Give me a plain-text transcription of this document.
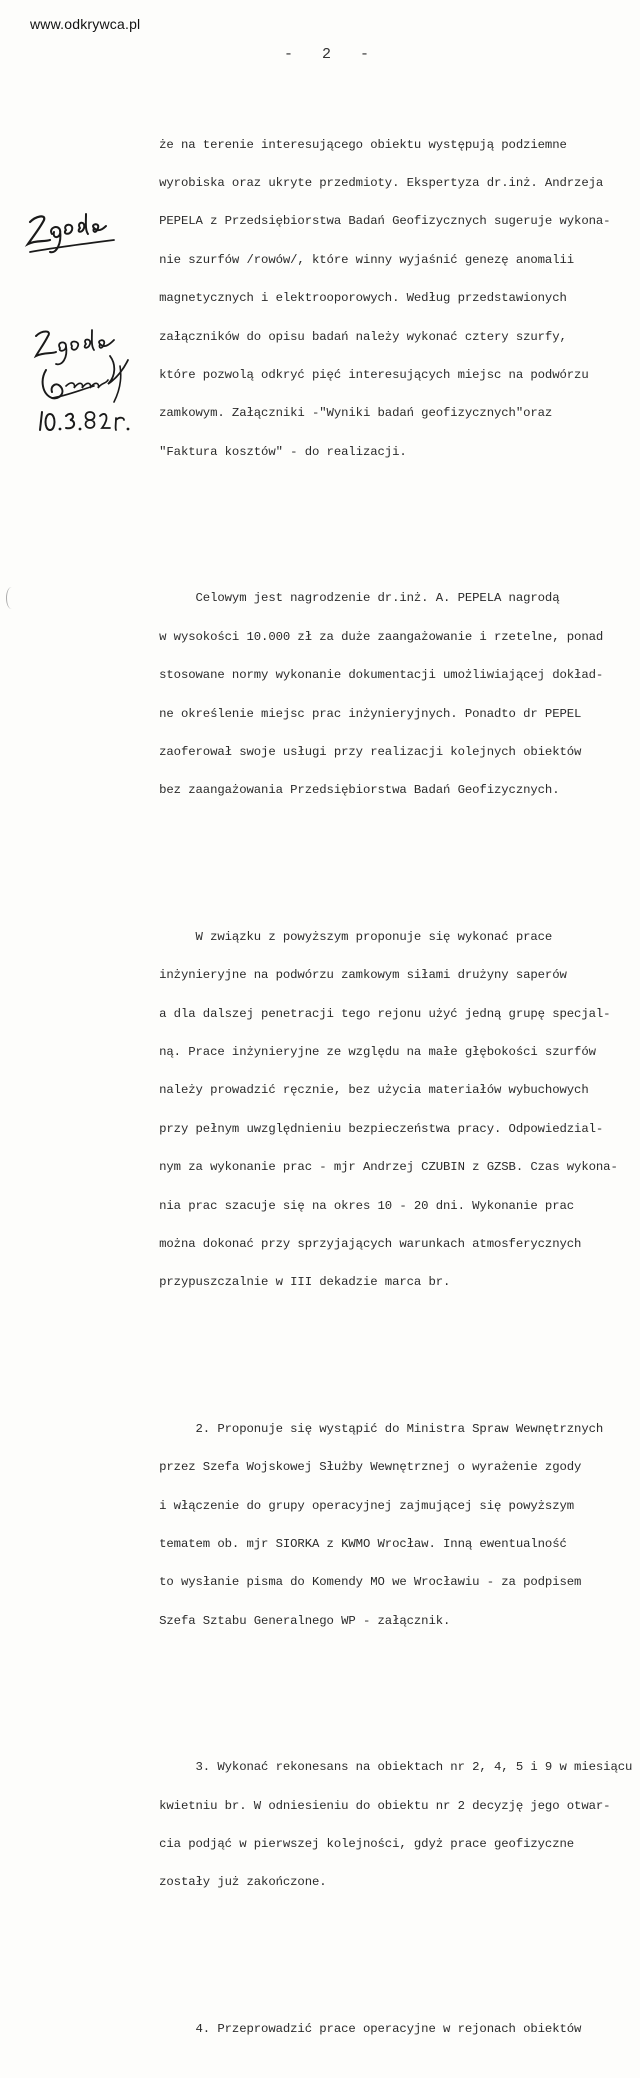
www.odkrywca.pl
- 2 -

że na terenie interesującego obiektu występują podziemne

wyrobiska oraz ukryte przedmioty. Ekspertyza dr.inż. Andrzeja

PEPELA z Przedsiębiorstwa Badań Geofizycznych sugeruje wykona-

nie szurfów /rowów/, które winny wyjaśnić genezę anomalii

magnetycznych i elektrooporowych. Według przedstawionych

załączników do opisu badań należy wykonać cztery szurfy,

które pozwolą odkryć pięć interesujących miejsc na podwórzu

zamkowym. Załączniki -"Wyniki badań geofizycznych"oraz

"Faktura kosztów" - do realizacji.

Celowym jest nagrodzenie dr.inż. A. PEPELA nagrodą

w wysokości 10.000 zł za duże zaangażowanie i rzetelne, ponad

stosowane normy wykonanie dokumentacji umożliwiającej dokład-

ne określenie miejsc prac inżynieryjnych. Ponadto dr PEPEL

zaoferował swoje usługi przy realizacji kolejnych obiektów

bez zaangażowania Przedsiębiorstwa Badań Geofizycznych.

W związku z powyższym proponuje się wykonać prace

inżynieryjne na podwórzu zamkowym siłami drużyny saperów

a dla dalszej penetracji tego rejonu użyć jedną grupę specjal-

ną. Prace inżynieryjne ze względu na małe głębokości szurfów

należy prowadzić ręcznie, bez użycia materiałów wybuchowych

przy pełnym uwzględnieniu bezpieczeństwa pracy. Odpowiedzial-

nym za wykonanie prac - mjr Andrzej CZUBIN z GZSB. Czas wykona-

nia prac szacuje się na okres 10 - 20 dni. Wykonanie prac

można dokonać przy sprzyjających warunkach atmosferycznych

przypuszczalnie w III dekadzie marca br.

2. Proponuje się wystąpić do Ministra Spraw Wewnętrznych

przez Szefa Wojskowej Służby Wewnętrznej o wyrażenie zgody

i włączenie do grupy operacyjnej zajmującej się powyższym

tematem ob. mjr SIORKA z KWMO Wrocław. Inną ewentualność

to wysłanie pisma do Komendy MO we Wrocławiu - za podpisem

Szefa Sztabu Generalnego WP - załącznik.

3. Wykonać rekonesans na obiektach nr 2, 4, 5 i 9 w miesiącu

kwietniu br. W odniesieniu do obiektu nr 2 decyzję jego otwar-

cia podjąć w pierwszej kolejności, gdyż prace geofizyczne

zostały już zakończone.

4. Przeprowadzić prace operacyjne w rejonach obiektów
